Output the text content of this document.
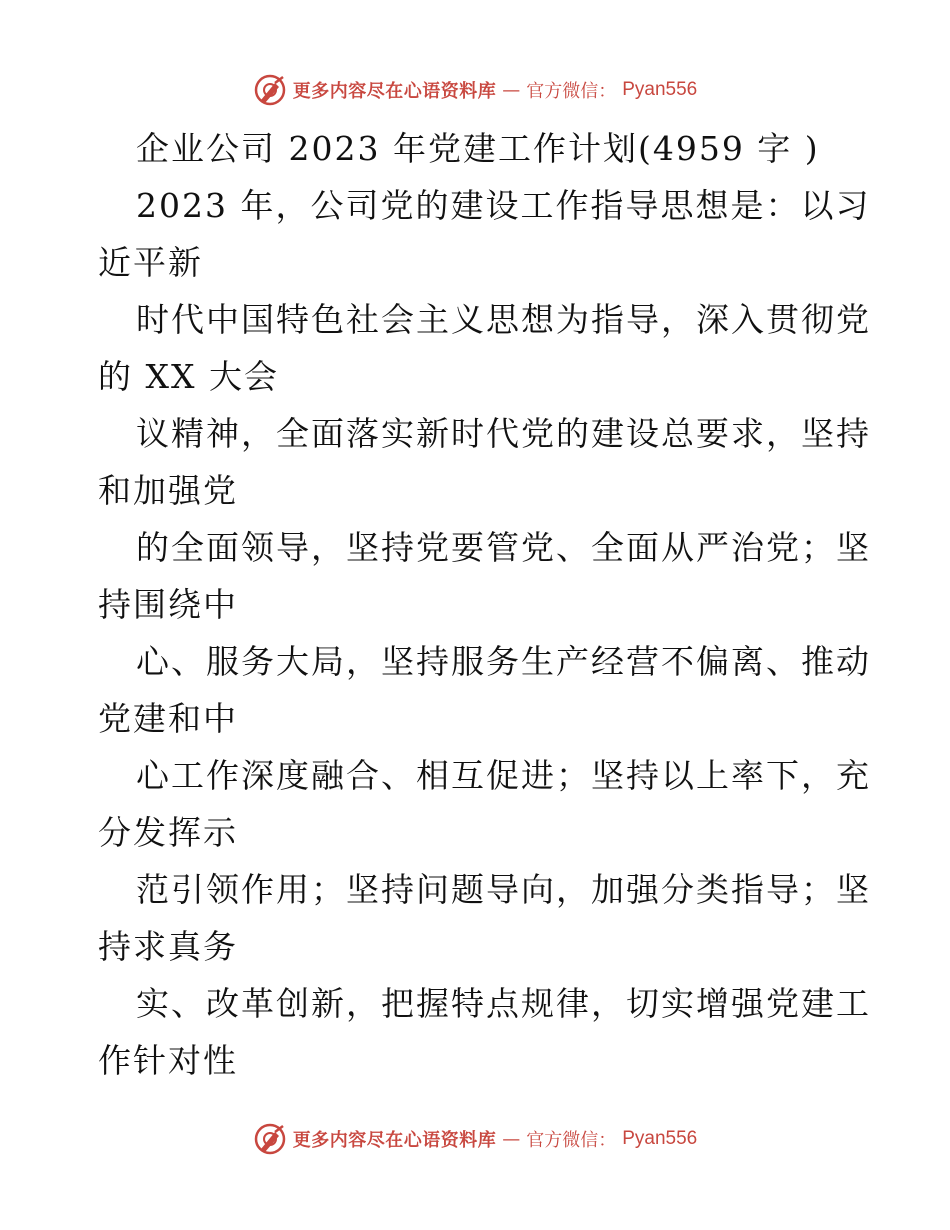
更多内容尽在心语资料库 — 官方微信： Pyan556
企业公司 2023 年党建工作计划(4959 字 )
2023 年，公司党的建设工作指导思想是：以习
近平新
时代中国特色社会主义思想为指导，深入贯彻党
的 XX 大会
议精神，全面落实新时代党的建设总要求，坚持
和加强党
的全面领导，坚持党要管党、全面从严治党；坚
持围绕中
心、服务大局，坚持服务生产经营不偏离、推动
党建和中
心工作深度融合、相互促进；坚持以上率下，充
分发挥示
范引领作用；坚持问题导向，加强分类指导；坚
持求真务
实、改革创新，把握特点规律，切实增强党建工
作针对性
更多内容尽在心语资料库 — 官方微信： Pyan556
